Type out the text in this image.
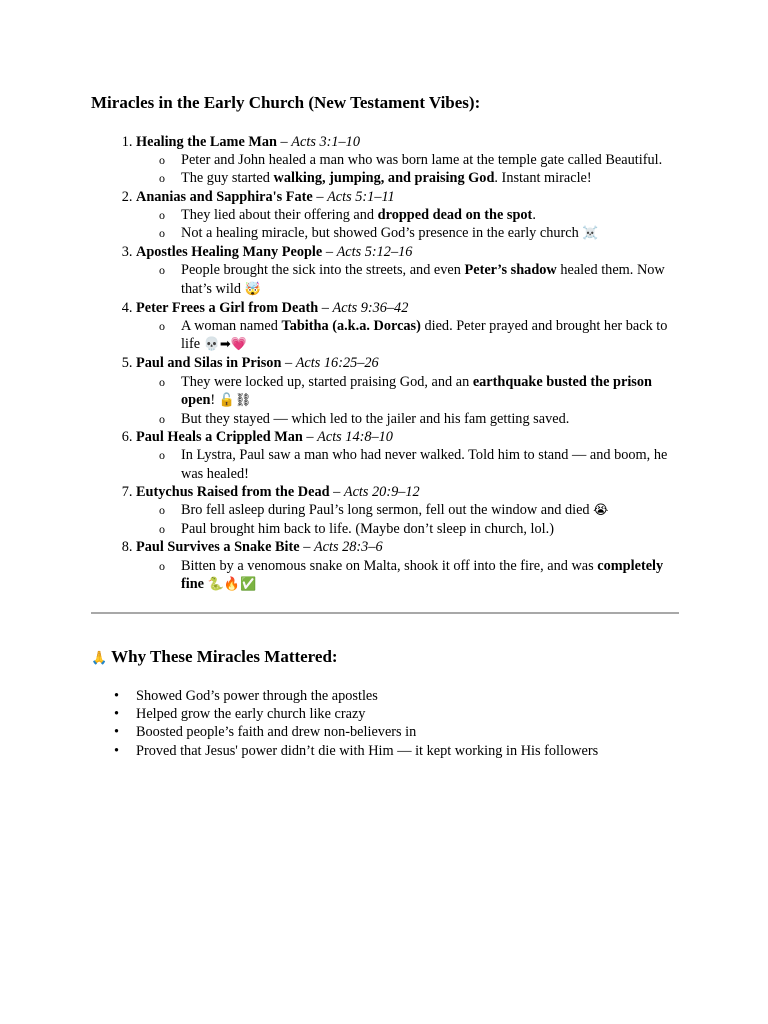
Miracles in the Early Church (New Testament Vibes):
1. Healing the Lame Man – Acts 3:1–10
o Peter and John healed a man who was born lame at the temple gate called Beautiful.
o The guy started walking, jumping, and praising God. Instant miracle!
2. Ananias and Sapphira's Fate – Acts 5:1–11
o They lied about their offering and dropped dead on the spot.
o Not a healing miracle, but showed God’s presence in the early church ☠️
3. Apostles Healing Many People – Acts 5:12–16
o People brought the sick into the streets, and even Peter’s shadow healed them. Now that’s wild 🤯
4. Peter Frees a Girl from Death – Acts 9:36–42
o A woman named Tabitha (a.k.a. Dorcas) died. Peter prayed and brought her back to life 💀➡💗
5. Paul and Silas in Prison – Acts 16:25–26
o They were locked up, started praising God, and an earthquake busted the prison open! 🔓⛓
o But they stayed — which led to the jailer and his fam getting saved.
6. Paul Heals a Crippled Man – Acts 14:8–10
o In Lystra, Paul saw a man who had never walked. Told him to stand — and boom, he was healed!
7. Eutychus Raised from the Dead – Acts 20:9–12
o Bro fell asleep during Paul’s long sermon, fell out the window and died 😭
o Paul brought him back to life. (Maybe don’t sleep in church, lol.)
8. Paul Survives a Snake Bite – Acts 28:3–6
o Bitten by a venomous snake on Malta, shook it off into the fire, and was completely fine 🐍🔥✅
🙏 Why These Miracles Mattered:
• Showed God’s power through the apostles
• Helped grow the early church like crazy
• Boosted people’s faith and drew non-believers in
• Proved that Jesus' power didn’t die with Him — it kept working in His followers
